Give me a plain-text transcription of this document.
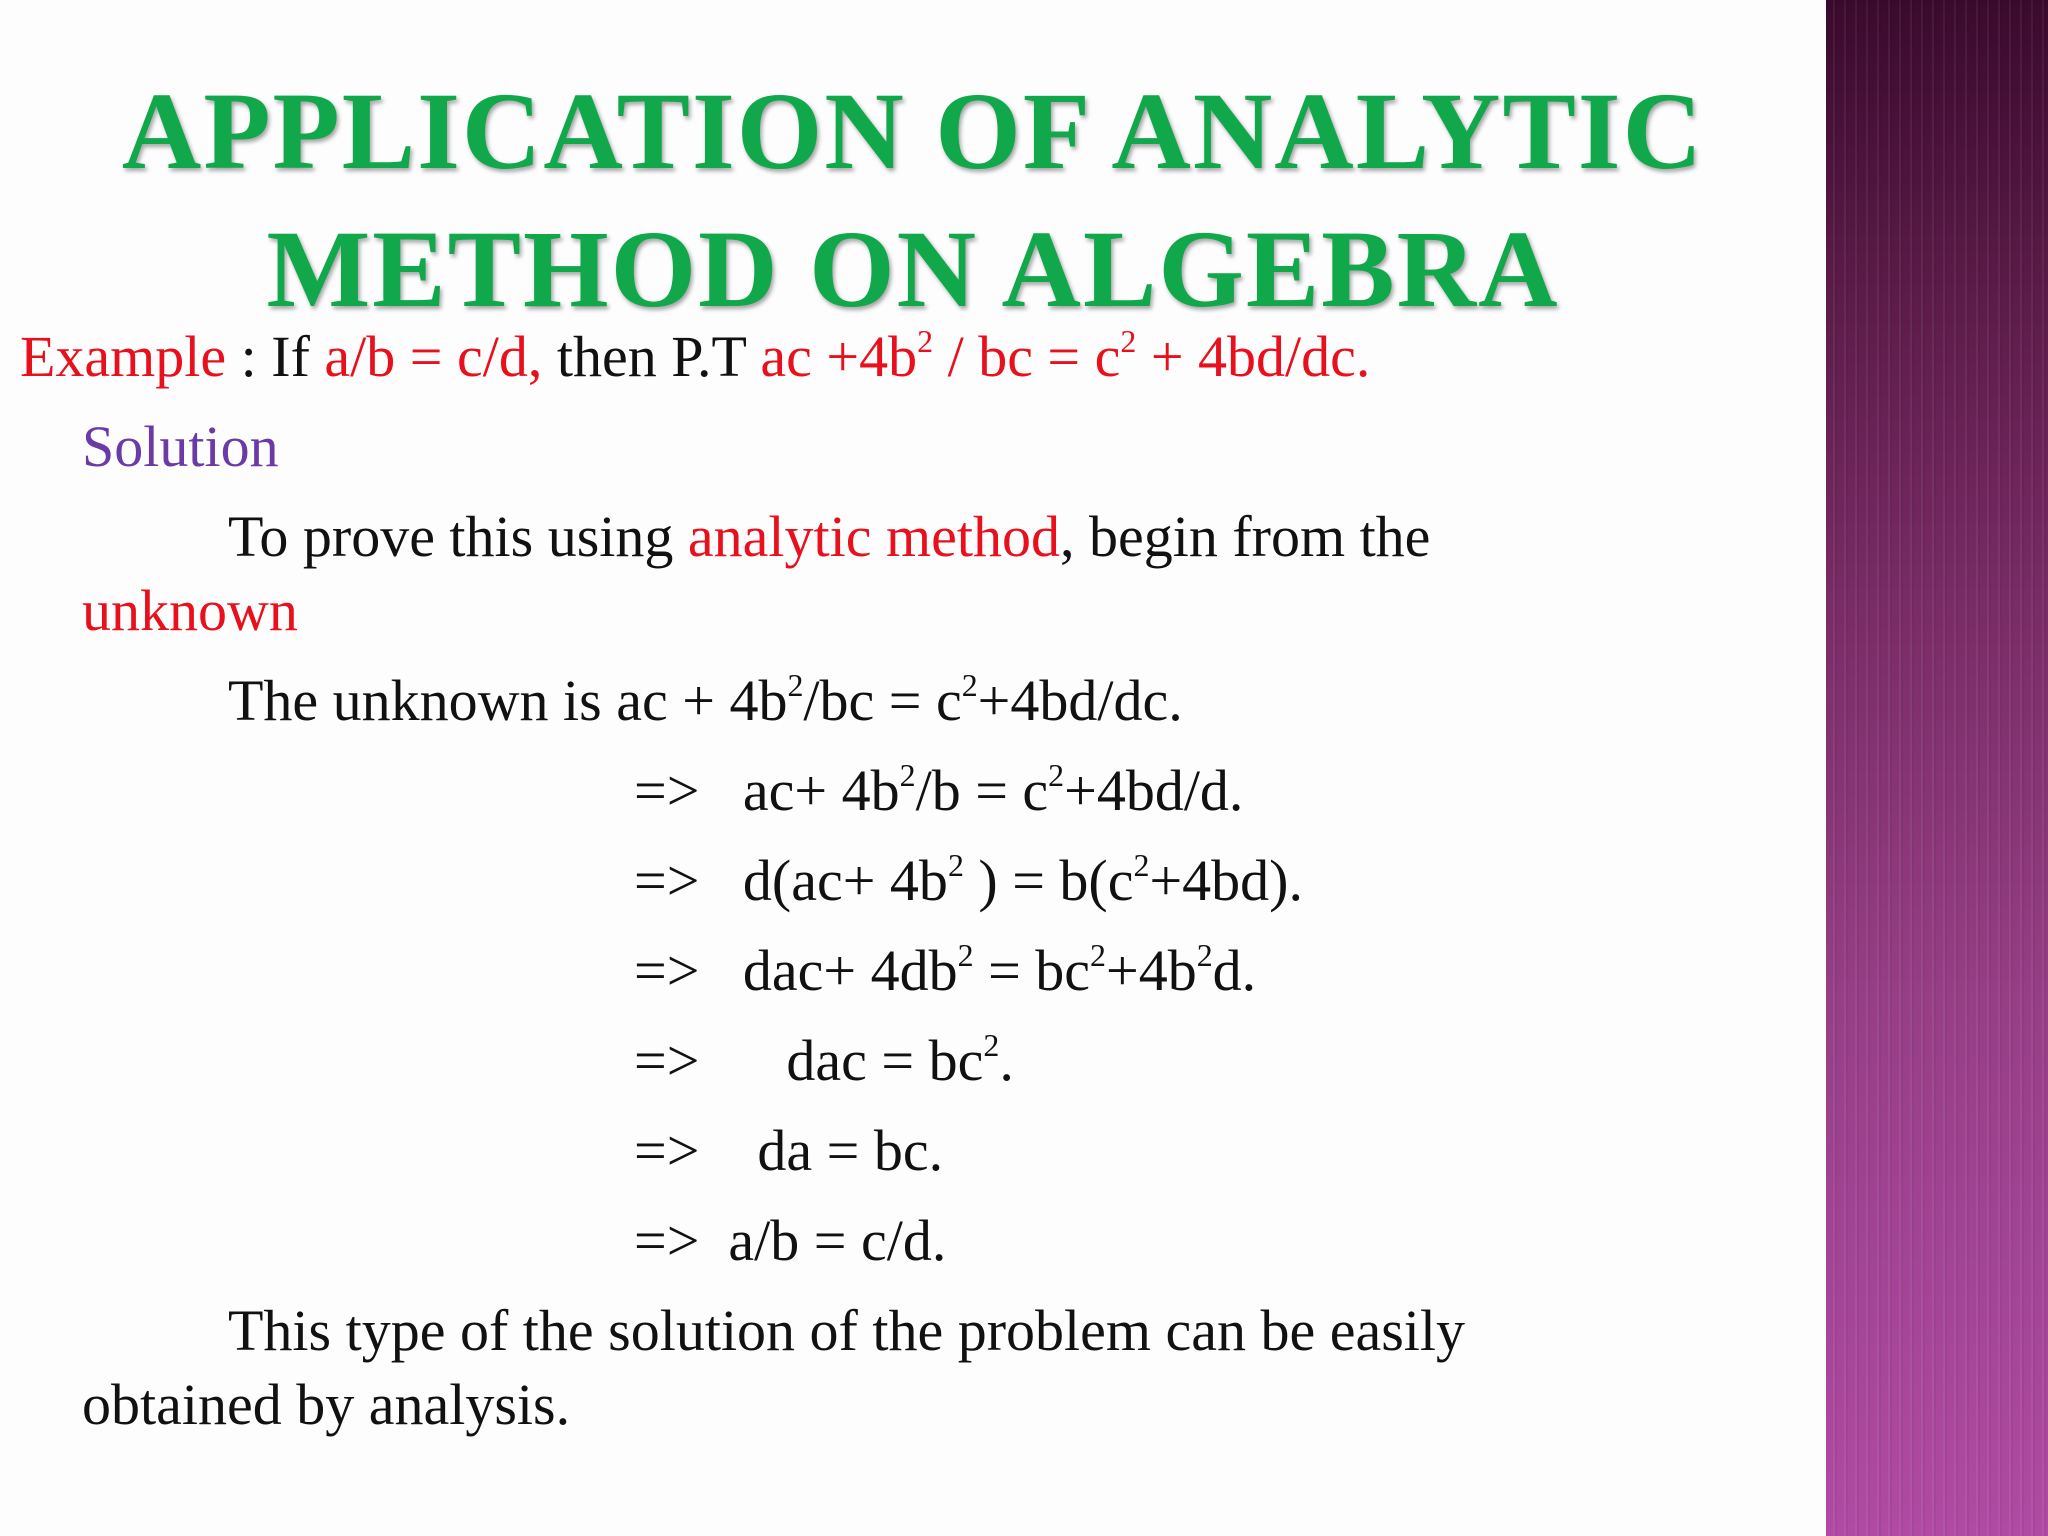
APPLICATION OF ANALYTIC
METHOD ON ALGEBRA
Example : If a/b = c/d, then P.T ac $+4b^2$ / bc = $c^2 + 4bd/dc$.
Solution
To prove this using analytic method, begin from the
unknown
The unknown is ac + $4b^2/bc = c^2+4bd/dc$.
=> $ac+ 4b^2/b = c^2+4bd/d$.
=> $d(ac+ 4b^2$ ) = $b(c^2+4bd)$.
=> $dac+ 4db^2 = bc^2+4b^2d$.
=> dac = $bc^2$.
=> da = bc.
=> a/b = c/d.
This type of the solution of the problem can be easily
obtained by analysis.
